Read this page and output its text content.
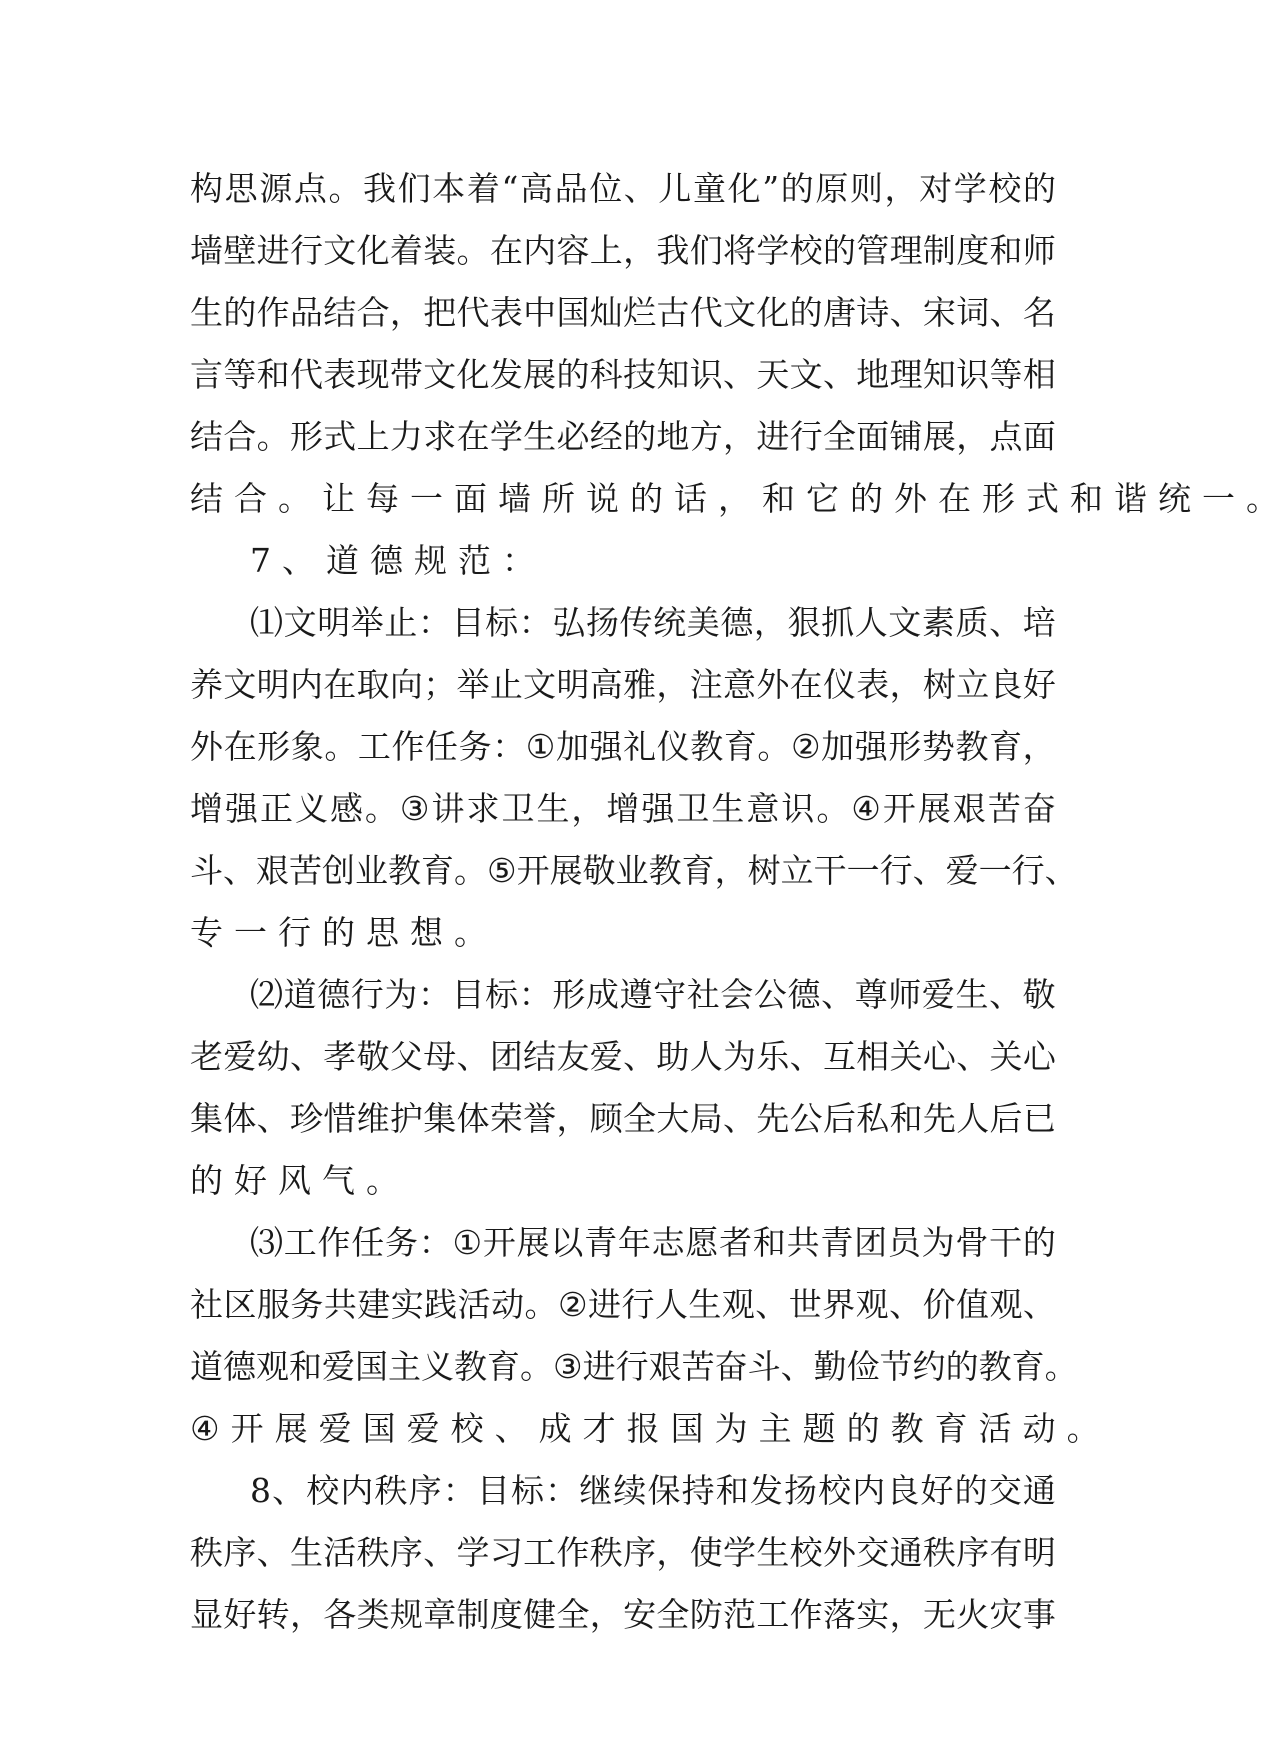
构 思 源 点 。 我 们 本 着 “ 高 品 位 、 儿 童 化 ” 的 原 则 ， 对 学 校 的
墙 壁 进 行 文 化 着 装 。 在 内 容 上 ， 我 们 将 学 校 的 管 理 制 度 和 师
生 的 作 品 结 合 ， 把 代 表 中 国 灿 烂 古 代 文 化 的 唐 诗 、 宋 词 、 名
言 等 和 代 表 现 带 文 化 发 展 的 科 技 知 识 、 天 文 、 地 理 知 识 等 相
结 合 。 形 式 上 力 求 在 学 生 必 经 的 地 方 ， 进 行 全 面 铺 展 ， 点 面
结 合 。 让 每 一 面 墙 所 说 的 话 ， 和 它 的 外 在 形 式 和 谐 统 一 。
7 、 道 德 规 范 ：
⑴ 文 明 举 止 ： 目 标 ： 弘 扬 传 统 美 德 ， 狠 抓 人 文 素 质 、 培
养 文 明 内 在 取 向 ； 举 止 文 明 高 雅 ， 注 意 外 在 仪 表 ， 树 立 良 好
外 在 形 象 。 工 作 任 务 ： ① 加 强 礼 仪 教 育 。 ② 加 强 形 势 教 育 ，
增 强 正 义 感 。 ③ 讲 求 卫 生 ， 增 强 卫 生 意 识 。 ④ 开 展 艰 苦 奋
斗 、 艰 苦 创 业 教 育 。 ⑤ 开 展 敬 业 教 育 ， 树 立 干 一 行 、 爱 一 行 、
专 一 行 的 思 想 。
⑵ 道 德 行 为 ： 目 标 ： 形 成 遵 守 社 会 公 德 、 尊 师 爱 生 、 敬
老 爱 幼 、 孝 敬 父 母 、 团 结 友 爱 、 助 人 为 乐 、 互 相 关 心 、 关 心
集 体 、 珍 惜 维 护 集 体 荣 誉 ， 顾 全 大 局 、 先 公 后 私 和 先 人 后 已
的 好 风 气 。
⑶ 工 作 任 务 ： ① 开 展 以 青 年 志 愿 者 和 共 青 团 员 为 骨 干 的
社 区 服 务 共 建 实 践 活 动 。 ② 进 行 人 生 观 、 世 界 观 、 价 值 观 、
道 德 观 和 爱 国 主 义 教 育 。 ③ 进 行 艰 苦 奋 斗 、 勤 俭 节 约 的 教 育 。
④ 开 展 爱 国 爱 校 、 成 才 报 国 为 主 题 的 教 育 活 动 。
8 、 校 内 秩 序 ： 目 标 ： 继 续 保 持 和 发 扬 校 内 良 好 的 交 通
秩 序 、 生 活 秩 序 、 学 习 工 作 秩 序 ， 使 学 生 校 外 交 通 秩 序 有 明
显 好 转 ， 各 类 规 章 制 度 健 全 ， 安 全 防 范 工 作 落 实 ， 无 火 灾 事
